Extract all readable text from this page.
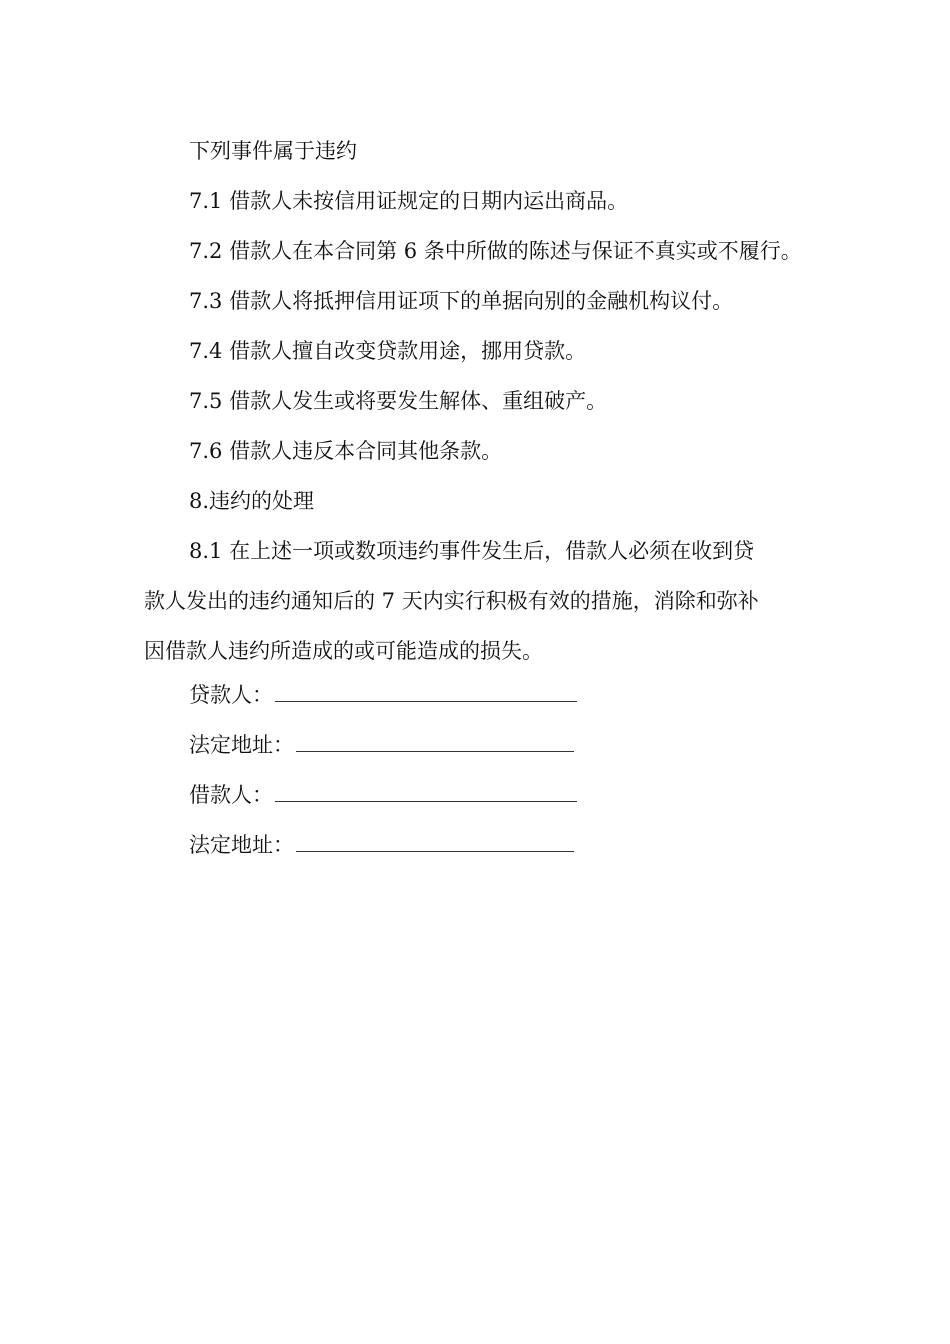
下列事件属于违约
7.1 借款人未按信用证规定的日期内运出商品。
7.2 借款人在本合同第 6 条中所做的陈述与保证不真实或不履行。
7.3 借款人将抵押信用证项下的单据向别的金融机构议付。
7.4 借款人擅自改变贷款用途，挪用贷款。
7.5 借款人发生或将要发生解体、重组破产。
7.6 借款人违反本合同其他条款。
8.违约的处理
8.1 在上述一项或数项违约事件发生后，借款人必须在收到贷
款人发出的违约通知后的 7 天内实行积极有效的措施，消除和弥补
因借款人违约所造成的或可能造成的损失。
贷款人：
法定地址：
借款人：
法定地址：
